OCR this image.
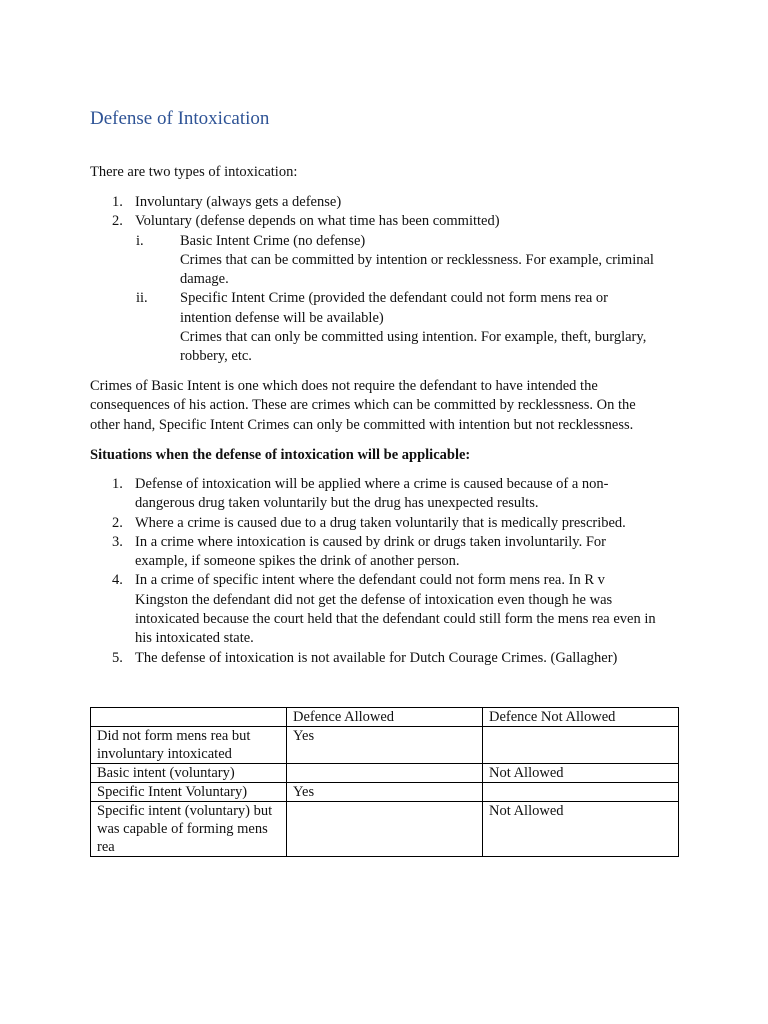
Defense of Intoxication

There are two types of intoxication:

1. Involuntary (always gets a defense)
2. Voluntary (defense depends on what time has been committed)
i.	Basic Intent Crime (no defense)
Crimes that can be committed by intention or recklessness. For example, criminal
damage.
ii. Specific Intent Crime (provided the defendant could not form mens rea or
intention defense will be available)
Crimes that can only be committed using intention. For example, theft, burglary,
robbery, etc.
Crimes of Basic Intent is one which does not require the defendant to have intended the
consequences of his action. These are crimes which can be committed by recklessness. On the
other hand, Specific Intent Crimes can only be committed with intention but not recklessness.

Situations when the defense of intoxication will be applicable:

1. Defense of intoxication will be applied where a crime is caused because of a non-
dangerous drug taken voluntarily but the drug has unexpected results.
2. Where a crime is caused due to a drug taken voluntarily that is medically prescribed.
3. In a crime where intoxication is caused by drink or drugs taken involuntarily. For
example, if someone spikes the drink of another person.
4. In a crime of specific intent where the defendant could not form mens rea. In R v
Kingston the defendant did not get the defense of intoxication even though he was
intoxicated because the court held that the defendant could still form the mens rea even in
his intoxicated state.
5. The defense of intoxication is not available for Dutch Courage Crimes. (Gallagher)
	Defence Allowed	Defence Not Allowed

Did not form mens rea but
involuntary intoxicated	Yes	
Basic intent (voluntary)		Not Allowed
Specific Intent Voluntary)	Yes	

Specific intent (voluntary) but
was capable of forming mens
rea		Not Allowed
